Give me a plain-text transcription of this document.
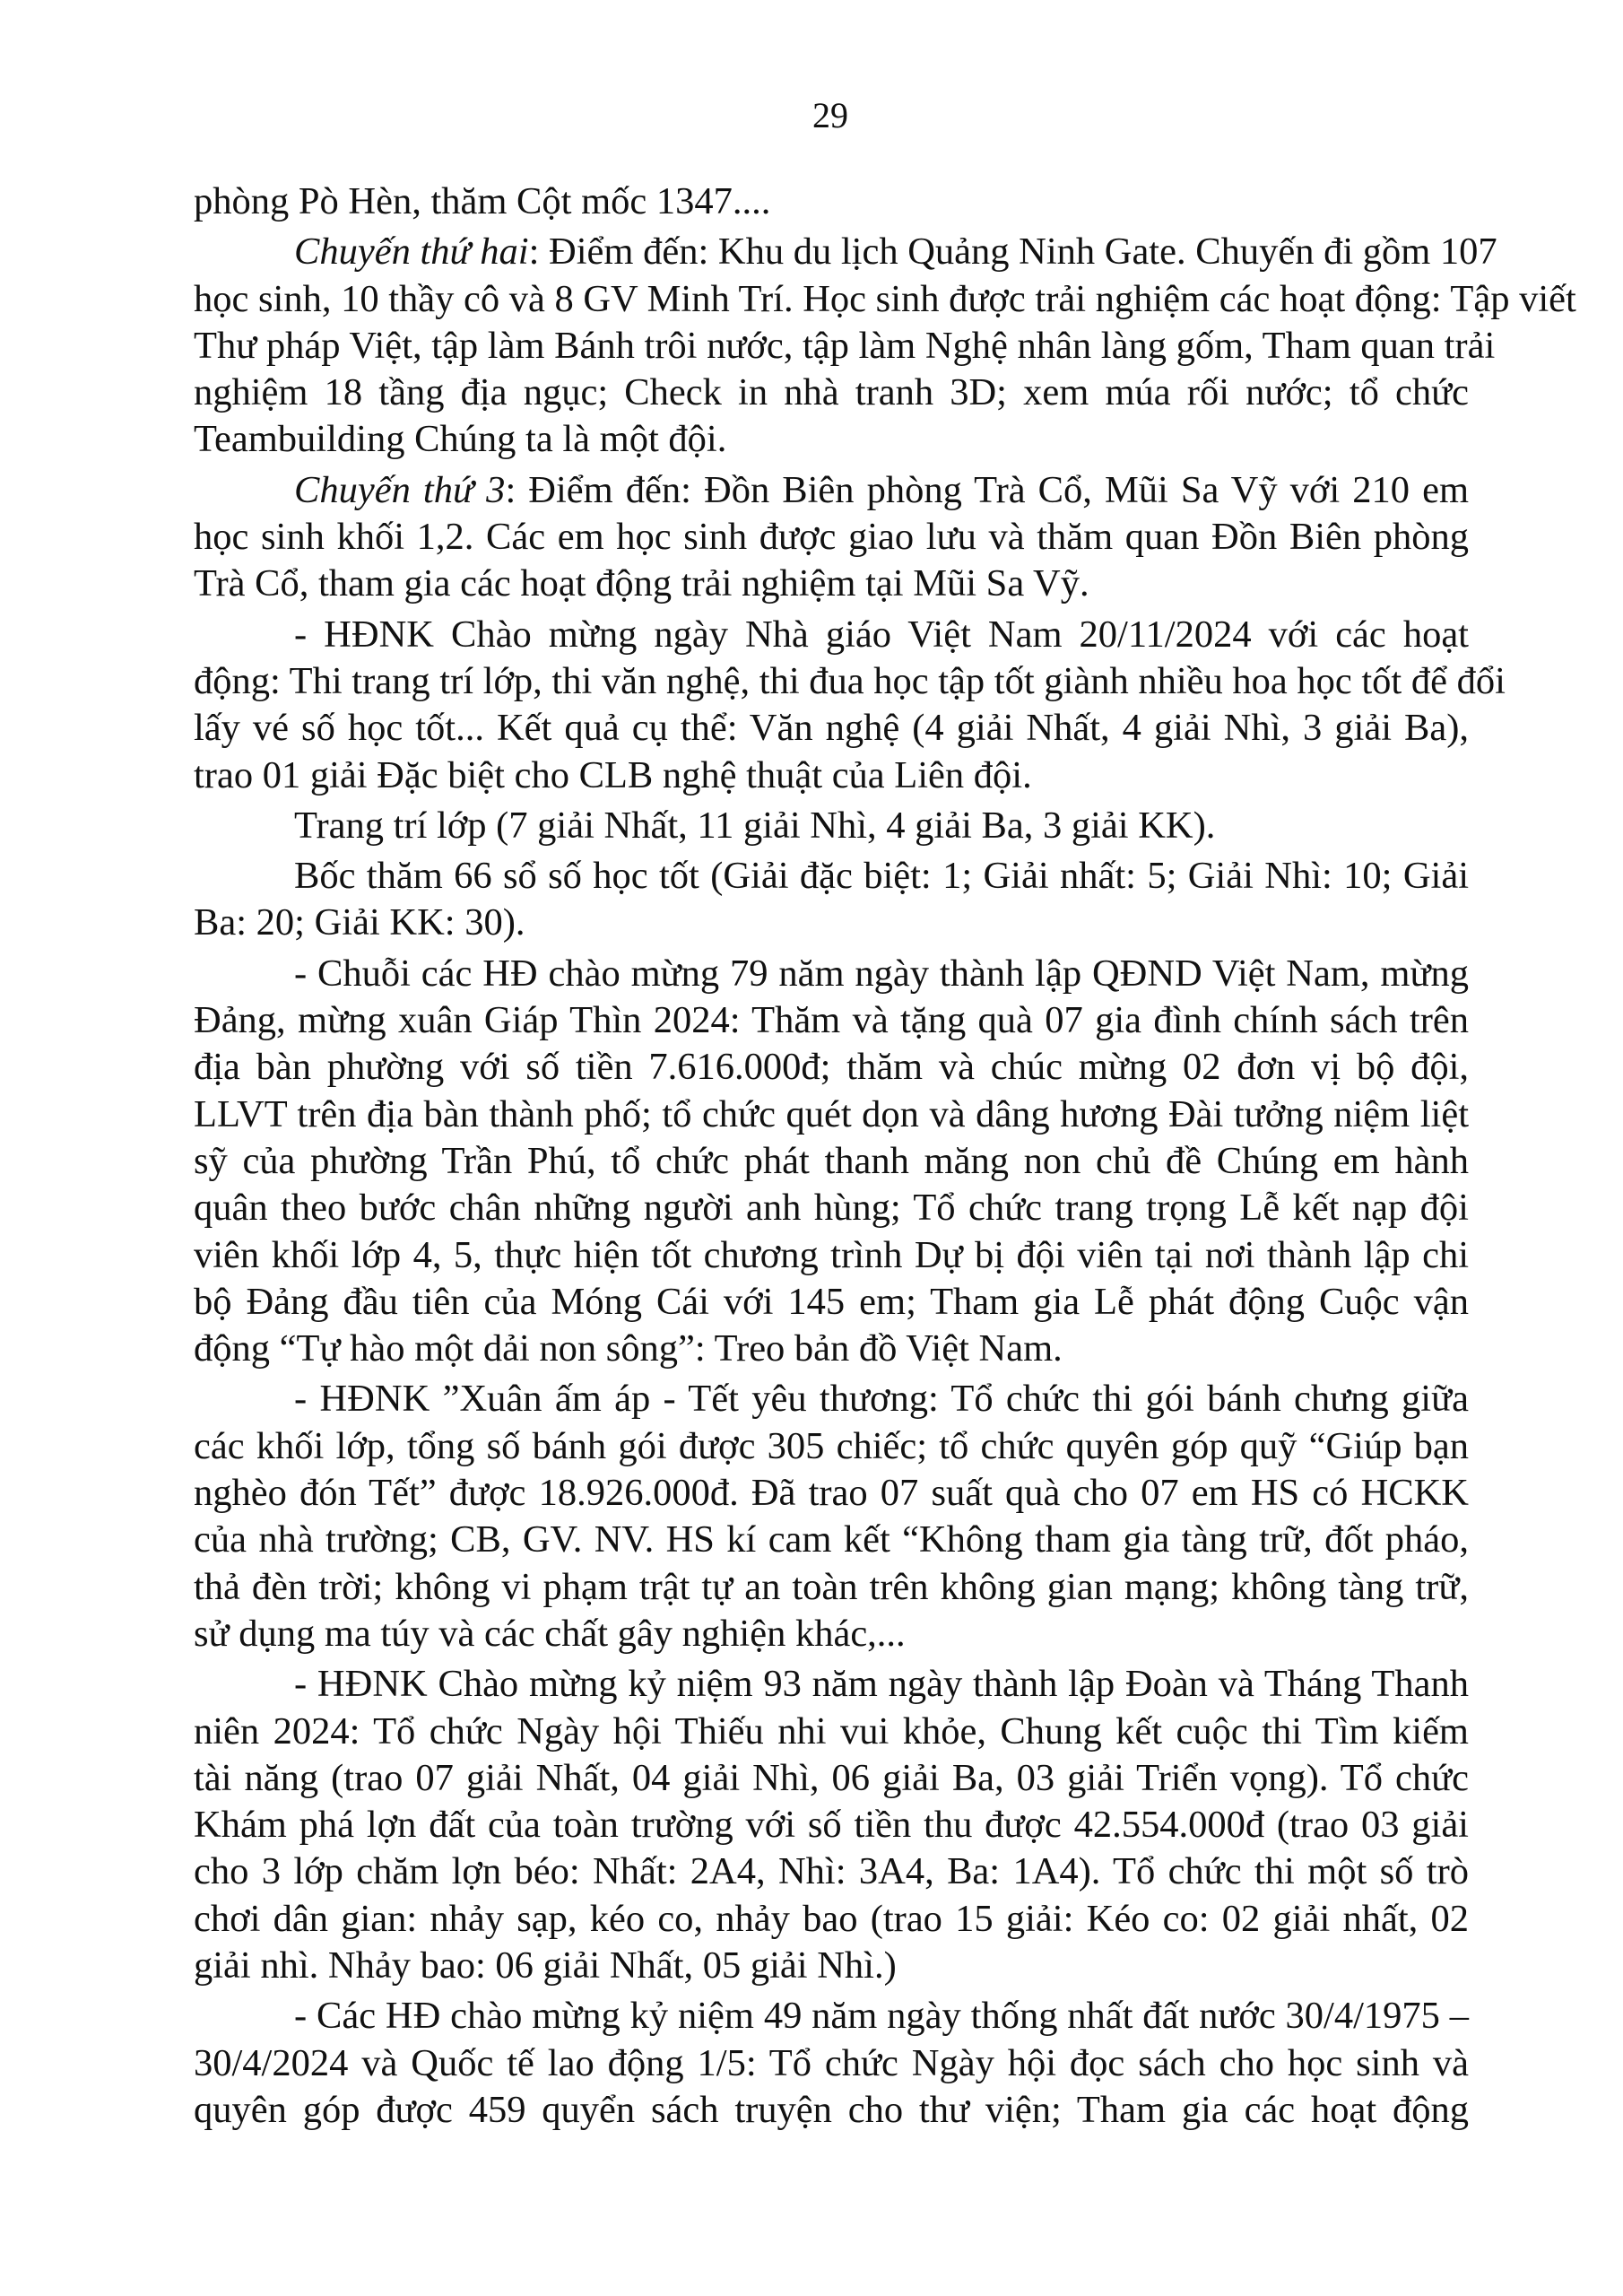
29
phòng Pò Hèn, thăm Cột mốc 1347....
Chuyến thứ hai: Điểm đến: Khu du lịch Quảng Ninh Gate. Chuyến đi gồm 107
học sinh, 10 thầy cô và 8 GV Minh Trí. Học sinh được trải nghiệm các hoạt động: Tập viết
Thư pháp Việt, tập làm Bánh trôi nước, tập làm Nghệ nhân làng gốm, Tham quan trải
nghiệm 18 tầng địa ngục; Check in nhà tranh 3D; xem múa rối nước; tổ chức
Teambuilding Chúng ta là một đội.
Chuyến thứ 3: Điểm đến: Đồn Biên phòng Trà Cổ, Mũi Sa Vỹ với 210 em
học sinh khối 1,2. Các em học sinh được giao lưu và thăm quan Đồn Biên phòng
Trà Cổ, tham gia các hoạt động trải nghiệm tại Mũi Sa Vỹ.
- HĐNK Chào mừng ngày Nhà giáo Việt Nam 20/11/2024 với các hoạt
động: Thi trang trí lớp, thi văn nghệ, thi đua học tập tốt giành nhiều hoa học tốt để đổi
lấy vé số học tốt... Kết quả cụ thể: Văn nghệ (4 giải Nhất, 4 giải Nhì, 3 giải Ba),
trao 01 giải Đặc biệt cho CLB nghệ thuật của Liên đội.
Trang trí lớp (7 giải Nhất, 11 giải Nhì, 4 giải Ba, 3 giải KK).
Bốc thăm 66 sổ số học tốt (Giải đặc biệt: 1; Giải nhất: 5; Giải Nhì: 10; Giải
Ba: 20; Giải KK: 30).
- Chuỗi các HĐ chào mừng 79 năm ngày thành lập QĐND Việt Nam, mừng
Đảng, mừng xuân Giáp Thìn 2024: Thăm và tặng quà 07 gia đình chính sách trên
địa bàn phường với số tiền 7.616.000đ; thăm và chúc mừng 02 đơn vị bộ đội,
LLVT trên địa bàn thành phố; tổ chức quét dọn và dâng hương Đài tưởng niệm liệt
sỹ của phường Trần Phú, tổ chức phát thanh măng non chủ đề Chúng em hành
quân theo bước chân những người anh hùng; Tổ chức trang trọng Lễ kết nạp đội
viên khối lớp 4, 5, thực hiện tốt chương trình Dự bị đội viên tại nơi thành lập chi
bộ Đảng đầu tiên của Móng Cái với 145 em; Tham gia Lễ phát động Cuộc vận
động “Tự hào một dải non sông”: Treo bản đồ Việt Nam.
- HĐNK ”Xuân ấm áp - Tết yêu thương: Tổ chức thi gói bánh chưng giữa
các khối lớp, tổng số bánh gói được 305 chiếc; tổ chức quyên góp quỹ “Giúp bạn
nghèo đón Tết” được 18.926.000đ. Đã trao 07 suất quà cho 07 em HS có HCKK
của nhà trường; CB, GV. NV. HS kí cam kết “Không tham gia tàng trữ, đốt pháo,
thả đèn trời; không vi phạm trật tự an toàn trên không gian mạng; không tàng trữ,
sử dụng ma túy và các chất gây nghiện khác,...
- HĐNK Chào mừng kỷ niệm 93 năm ngày thành lập Đoàn và Tháng Thanh
niên 2024: Tổ chức Ngày hội Thiếu nhi vui khỏe, Chung kết cuộc thi Tìm kiếm
tài năng (trao 07 giải Nhất, 04 giải Nhì, 06 giải Ba, 03 giải Triển vọng). Tổ chức
Khám phá lợn đất của toàn trường với số tiền thu được 42.554.000đ (trao 03 giải
cho 3 lớp chăm lợn béo: Nhất: 2A4, Nhì: 3A4, Ba: 1A4). Tổ chức thi một số trò
chơi dân gian: nhảy sạp, kéo co, nhảy bao (trao 15 giải: Kéo co: 02 giải nhất, 02
giải nhì. Nhảy bao: 06 giải Nhất, 05 giải Nhì.)
- Các HĐ chào mừng kỷ niệm 49 năm ngày thống nhất đất nước 30/4/1975 –
30/4/2024 và Quốc tế lao động 1/5: Tổ chức Ngày hội đọc sách cho học sinh và
quyên góp được 459 quyển sách truyện cho thư viện; Tham gia các hoạt động
